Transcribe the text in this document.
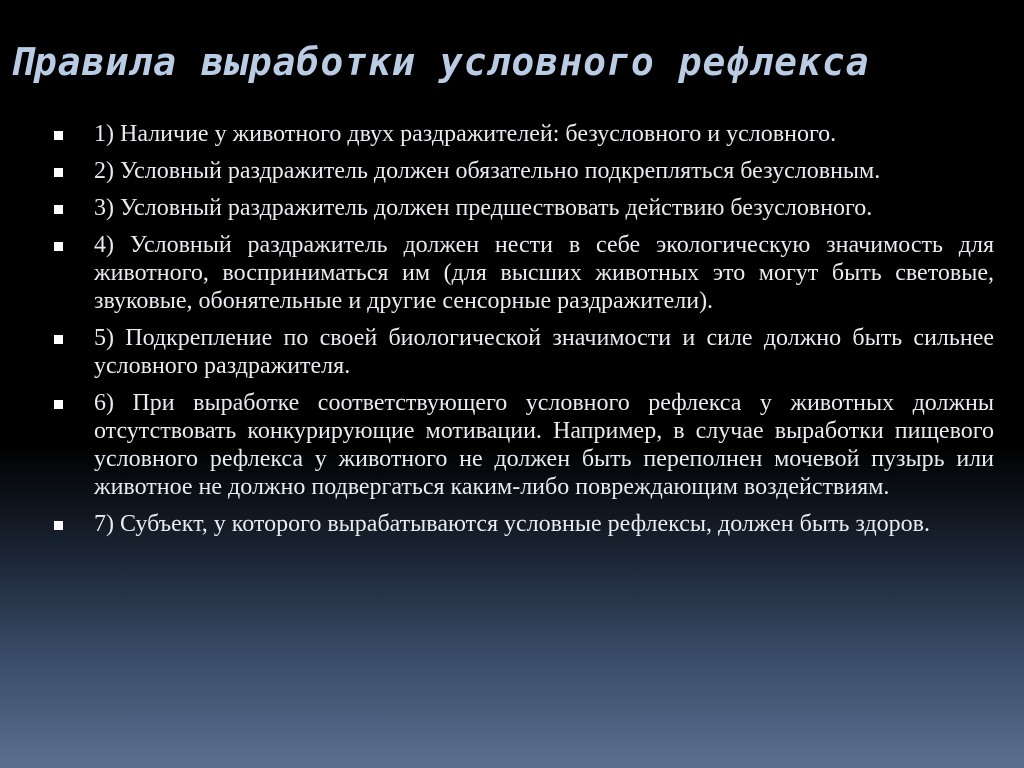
Правила выработки условного рефлекса
1) Наличие у животного двух раздражителей: безусловного и условного.
2) Условный раздражитель должен обязательно подкрепляться безусловным.
3) Условный раздражитель должен предшествовать действию безусловного.
4) Условный раздражитель должен нести в себе экологическую значимость для животного, восприниматься им (для высших животных это могут быть световые, звуковые, обонятельные и другие сенсорные раздражители).
5) Подкрепление по своей биологической значимости и силе должно быть сильнее условного раздражителя.
6) При выработке соответствующего условного рефлекса у животных должны отсутствовать конкурирующие мотивации. Например, в случае выработки пищевого условного рефлекса у животного не должен быть переполнен мочевой пузырь или животное не должно подвергаться каким-либо повреждающим воздействиям.
7) Субъект, у которого вырабатываются условные рефлексы, должен быть здоров.
